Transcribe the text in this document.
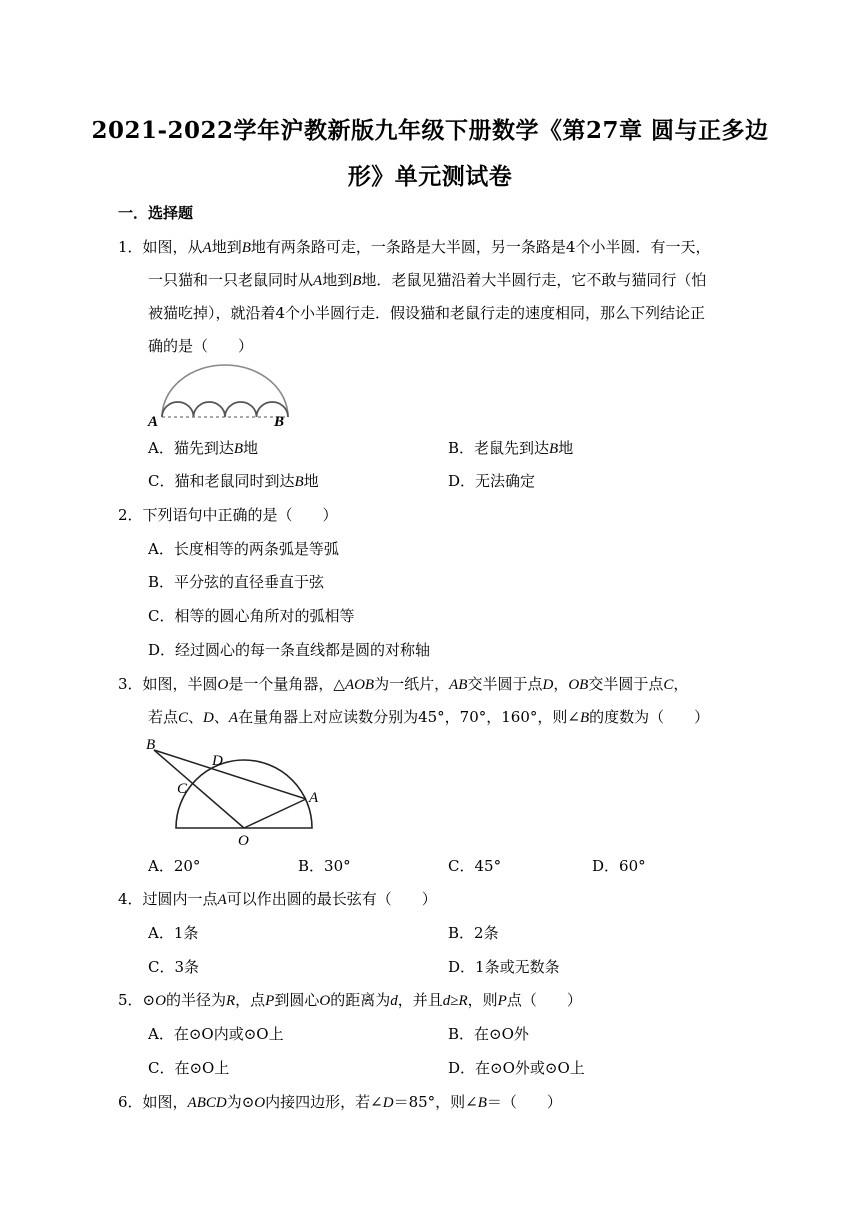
2021-2022学年沪教新版九年级下册数学《第27章 圆与正多边
形》单元测试卷
一．选择题
1．如图，从A地到B地有两条路可走，一条路是大半圆，另一条路是4个小半圆．有一天，
一只猫和一只老鼠同时从A地到B地．老鼠见猫沿着大半圆行走，它不敢与猫同行（怕
被猫吃掉），就沿着4个小半圆行走．假设猫和老鼠行走的速度相同，那么下列结论正
确的是（　　）
A	B
A．猫先到达B地	B．老鼠先到达B地
C．猫和老鼠同时到达B地	D．无法确定
2．下列语句中正确的是（　　）
A．长度相等的两条弧是等弧
B．平分弦的直径垂直于弦
C．相等的圆心角所对的弧相等
D．经过圆心的每一条直线都是圆的对称轴
3．如图，半圆O是一个量角器，△AOB为一纸片，AB交半圆于点D，OB交半圆于点C，
若点C、D、A在量角器上对应读数分别为45°，70°，160°，则∠B的度数为（　　）
B
D
C
A
O
A．20°	B．30°	C．45°	D．60°
4．过圆内一点A可以作出圆的最长弦有（　　）
A．1条	B．2条
C．3条	D．1条或无数条
5．⊙O的半径为R，点P到圆心O的距离为d，并且d≥R，则P点（　　）
A．在⊙O内或⊙O上	B．在⊙O外
C．在⊙O上	D．在⊙O外或⊙O上
6．如图，ABCD为⊙O内接四边形，若∠D＝85°，则∠B＝（　　）
